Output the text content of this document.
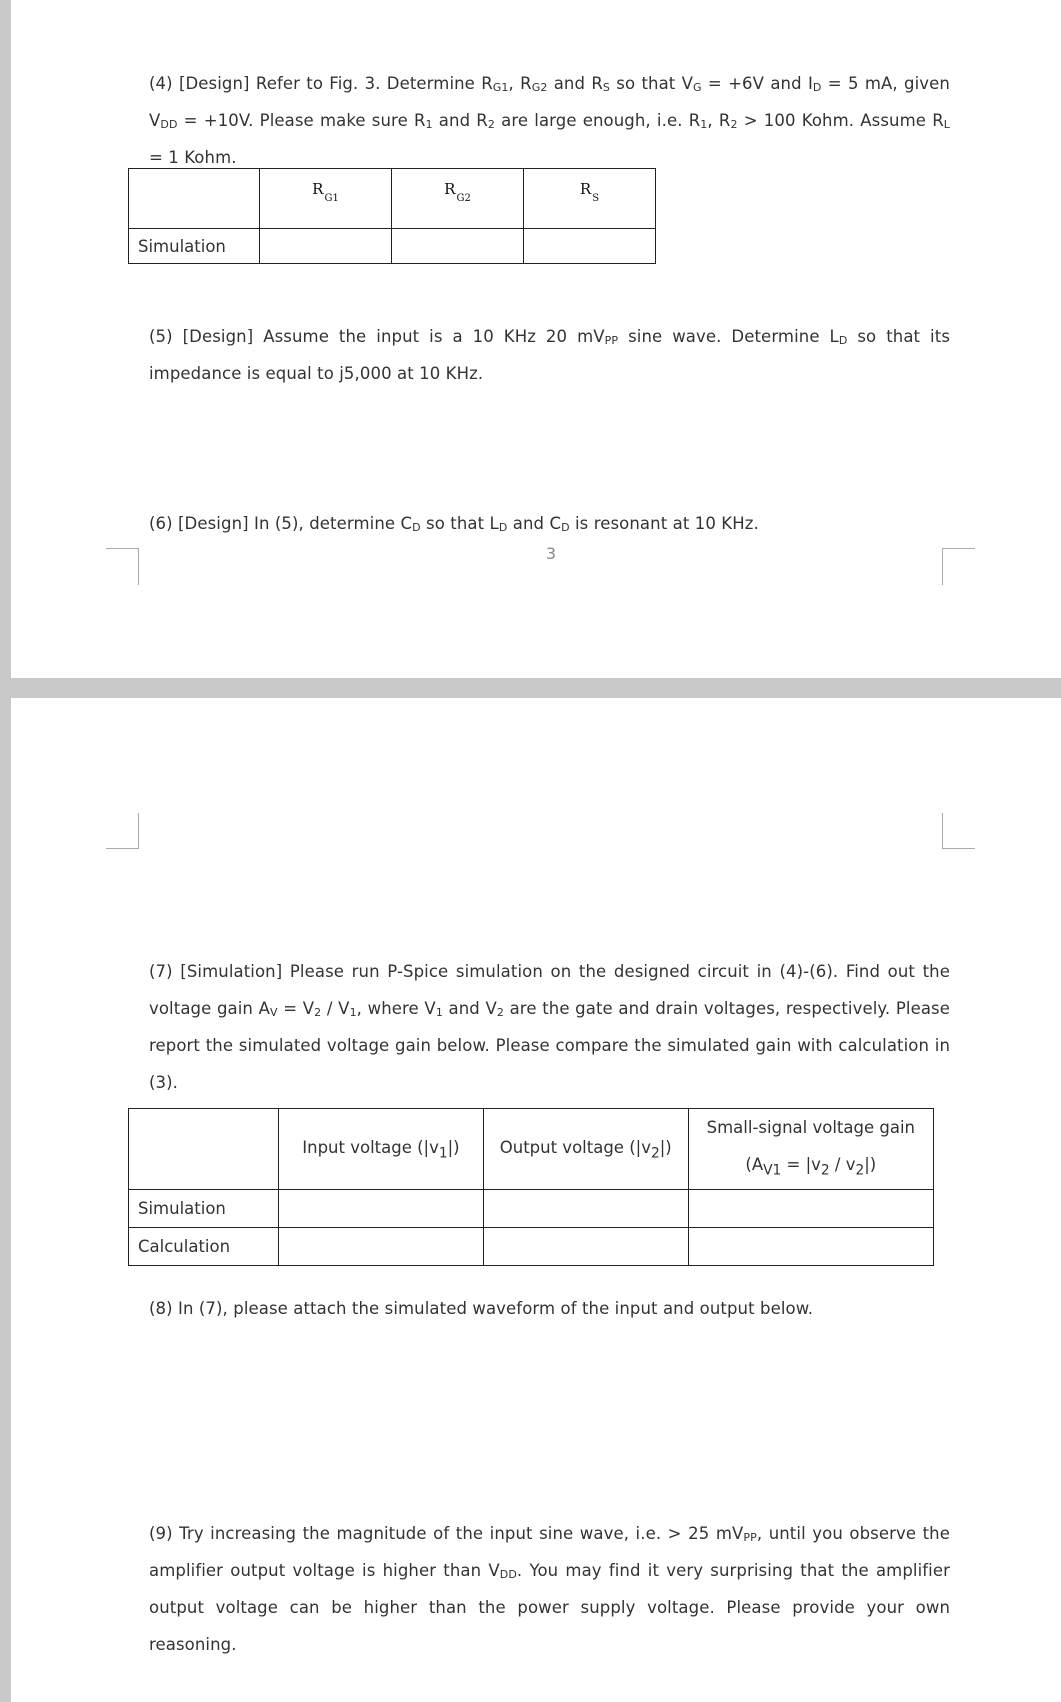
(4) [Design] Refer to Fig. 3. Determine $R_{G1}$, $R_{G2}$ and $R_S$ so that $V_G = +6V$ and $I_D = 5$ mA, given $V_{DD} = +10V$. Please make sure $R_1$ and $R_2$ are large enough, i.e. $R_1$, $R_2 > 100$ Kohm. Assume $R_L = 1$ Kohm.

	RG1	RG2	RS

Simulation			

(5) [Design] Assume the input is a 10 KHz 20 $mV_{PP}$ sine wave. Determine $L_D$ so that its impedance is equal to j5,000 at 10 KHz.

(6) [Design] In (5), determine $C_D$ so that $L_D$ and $C_D$ is resonant at 10 KHz.

3

(7) [Simulation] Please run P-Spice simulation on the designed circuit in (4)-(6). Find out the voltage gain $A_V = V_2 / V_1$, where $V_1$ and $V_2$ are the gate and drain voltages, respectively. Please report the simulated voltage gain below. Please compare the simulated gain with calculation in (3).

	Input voltage $(|v_1|)$	Output voltage $(|v_2|)$	Small-signal voltage gain
$(A_{V1} = |v_2 / v_2|)$

Simulation			
Calculation			

(8) In (7), please attach the simulated waveform of the input and output below.

(9) Try increasing the magnitude of the input sine wave, i.e. > 25 $mV_{PP}$, until you observe the amplifier output voltage is higher than $V_{DD}$. You may find it very surprising that the amplifier output voltage can be higher than the power supply voltage. Please provide your own reasoning.
